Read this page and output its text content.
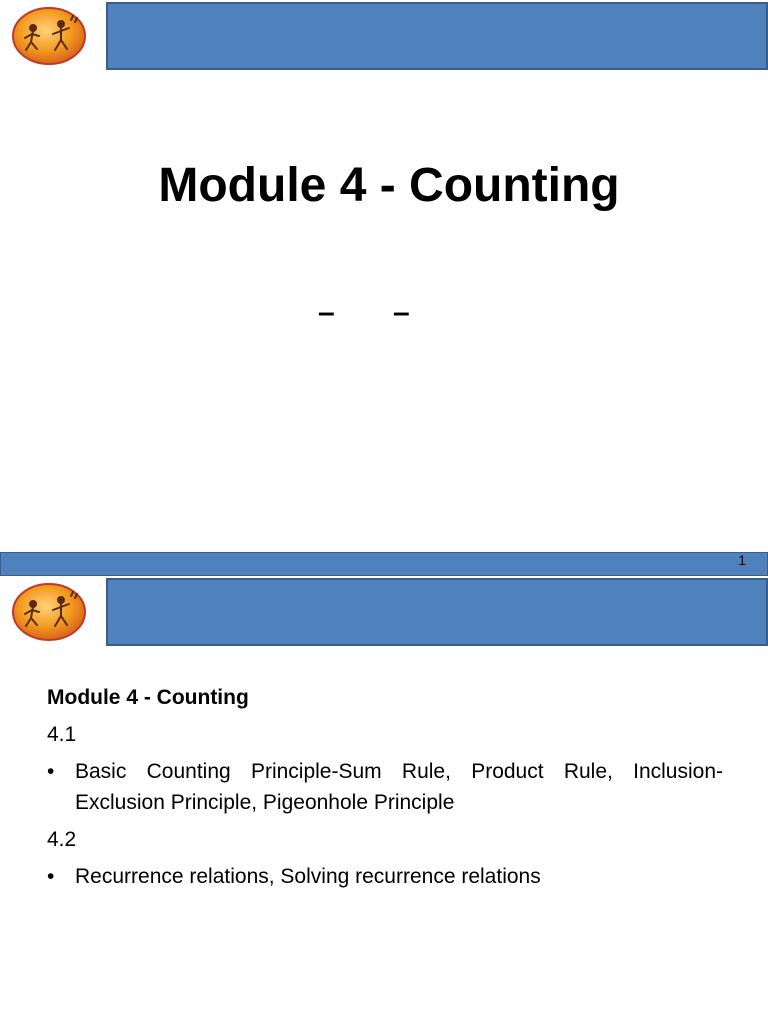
Module 4 - Counting
– –
1
Module 4 - Counting
4.1
• Basic Counting Principle-Sum Rule, Product Rule, Inclusion-Exclusion Principle, Pigeonhole Principle
4.2
• Recurrence relations, Solving recurrence relations
